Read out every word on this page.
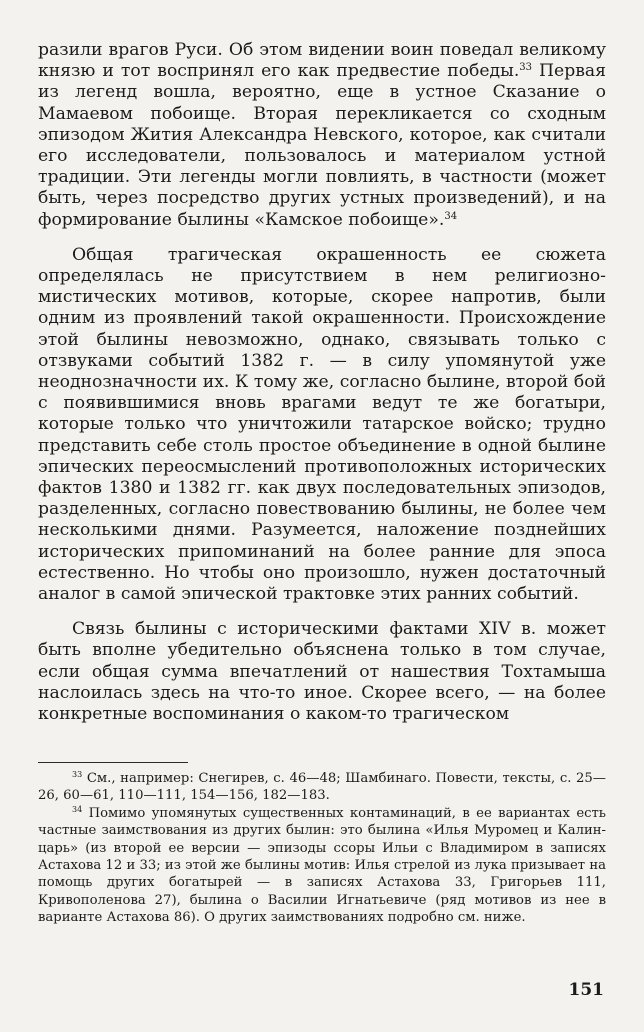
разили врагов Руси. Об этом видении воин поведал великому князю и тот воспринял его как предвестие победы.$^{33}$ Первая из легенд вошла, вероятно, еще в устное Сказание о Мамаевом побоище. Вторая перекликается со сходным эпизодом Жития Александра Невского, которое, как считали его исследователи, пользовалось и материалом устной традиции. Эти легенды могли повлиять, в частности (может быть, через посредство других устных произведений), и на формирование былины «Камское побоище».$^{34}$

Общая трагическая окрашенность ее сюжета определялась не присутствием в нем религиозно-мистических мотивов, которые, скорее напротив, были одним из проявлений такой окрашенности. Происхождение этой былины невозможно, однако, связывать только с отзвуками событий 1382 г. — в силу упомянутой уже неоднозначности их. К тому же, согласно былине, второй бой с появившимися вновь врагами ведут те же богатыри, которые только что уничтожили татарское войско; трудно представить себе столь простое объединение в одной былине эпических переосмыслений противоположных исторических фактов 1380 и 1382 гг. как двух последовательных эпизодов, разделенных, согласно повествованию былины, не более чем несколькими днями. Разумеется, наложение позднейших исторических припоминаний на более ранние для эпоса естественно. Но чтобы оно произошло, нужен достаточный аналог в самой эпической трактовке этих ранних событий.

Связь былины с историческими фактами XIV в. может быть вполне убедительно объяснена только в том случае, если общая сумма впечатлений от нашествия Тохтамыша наслоилась здесь на что-то иное. Скорее всего, — на более конкретные воспоминания о каком-то трагическом

$^{33}$ См., например: Снегирев, с. 46—48; Шамбинаго. Повести, тексты, с. 25—26, 60—61, 110—111, 154—156, 182—183.

$^{34}$ Помимо упомянутых существенных контаминаций, в ее вариантах есть частные заимствования из других былин: это былина «Илья Муромец и Калин-царь» (из второй ее версии — эпизоды ссоры Ильи с Владимиром в записях Астахова 12 и 33; из этой же былины мотив: Илья стрелой из лука призывает на помощь других богатырей — в записях Астахова 33, Григорьев 111, Кривополенова 27), былина о Василии Игнатьевиче (ряд мотивов из нее в варианте Астахова 86). О других заимствованиях подробно см. ниже.

151
